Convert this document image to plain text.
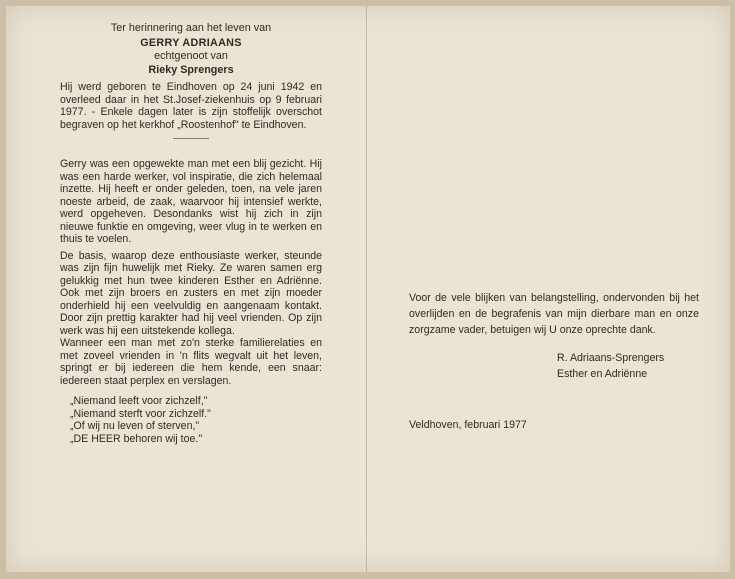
Ter herinnering aan het leven van
GERRY ADRIAANS
echtgenoot van
Rieky Sprengers

Hij werd geboren te Eindhoven op 24 juni 1942 en overleed daar in het St.Josef-ziekenhuis op 9 februari 1977. - Enkele dagen later is zijn stoffelijk overschot begraven op het kerkhof „Roostenhof" te Eindhoven.

Gerry was een opgewekte man met een blij gezicht. Hij was een harde werker, vol inspiratie, die zich helemaal inzette. Hij heeft er onder geleden, toen, na vele jaren noeste arbeid, de zaak, waarvoor hij intensief werkte, werd opgeheven. Desondanks wist hij zich in zijn nieuwe funktie en omgeving, weer vlug in te werken en thuis te voelen.

De basis, waarop deze enthousiaste werker, steunde was zijn fijn huwelijk met Rieky. Ze waren samen erg gelukkig met hun twee kinderen Esther en Adriënne. Ook met zijn broers en zusters en met zijn moeder onderhield hij een veelvuldig en aangenaam kontakt. Door zijn prettig karakter had hij veel vrienden. Op zijn werk was hij een uitstekende kollega.

Wanneer een man met zo'n sterke familierelaties en met zoveel vrienden in 'n flits wegvalt uit het leven, springt er bij iedereen die hem kende, een snaar: iedereen staat perplex en verslagen.

„Niemand leeft voor zichzelf,"
„Niemand sterft voor zichzelf."
„Of wij nu leven of sterven,"
„DE HEER behoren wij toe."

Voor de vele blijken van belangstelling, ondervonden bij het overlijden en de begrafenis van mijn dierbare man en onze zorgzame vader, betuigen wij U onze oprechte dank.

R. Adriaans-Sprengers
Esther en Adriënne
Veldhoven, februari 1977
